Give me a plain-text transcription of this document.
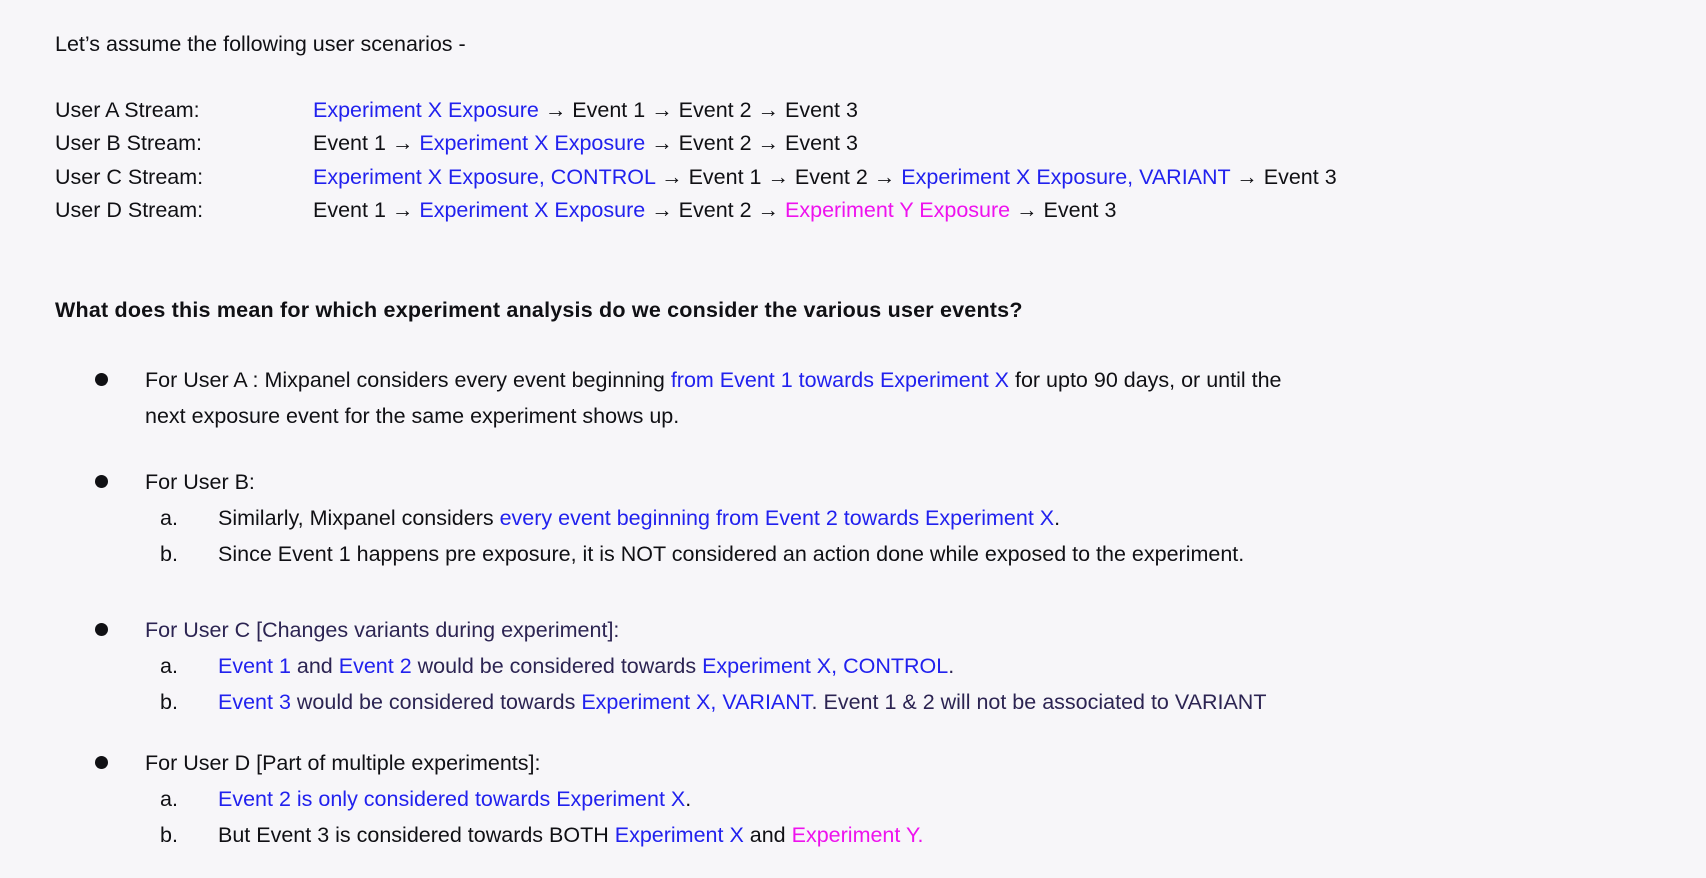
Let’s assume the following user scenarios -
User A Stream:	Experiment X Exposure → Event 1 → Event 2 → Event 3
User B Stream:	Event 1 → Experiment X Exposure → Event 2 → Event 3
User C Stream:	Experiment X Exposure, CONTROL → Event 1 → Event 2 → Experiment X Exposure, VARIANT → Event 3
User D Stream:	Event 1 → Experiment X Exposure → Event 2 → Experiment Y Exposure → Event 3
What does this mean for which experiment analysis do we consider the various user events?
For User A : Mixpanel considers every event beginning from Event 1 towards Experiment X for upto 90 days, or until the
next exposure event for the same experiment shows up.
For User B:
a. Similarly, Mixpanel considers every event beginning from Event 2 towards Experiment X.
b. Since Event 1 happens pre exposure, it is NOT considered an action done while exposed to the experiment.
For User C [Changes variants during experiment]:
a. Event 1 and Event 2 would be considered towards Experiment X, CONTROL.
b. Event 3 would be considered towards Experiment X, VARIANT. Event 1 & 2 will not be associated to VARIANT
For User D [Part of multiple experiments]:
a. Event 2 is only considered towards Experiment X.
b. But Event 3 is considered towards BOTH Experiment X and Experiment Y.
